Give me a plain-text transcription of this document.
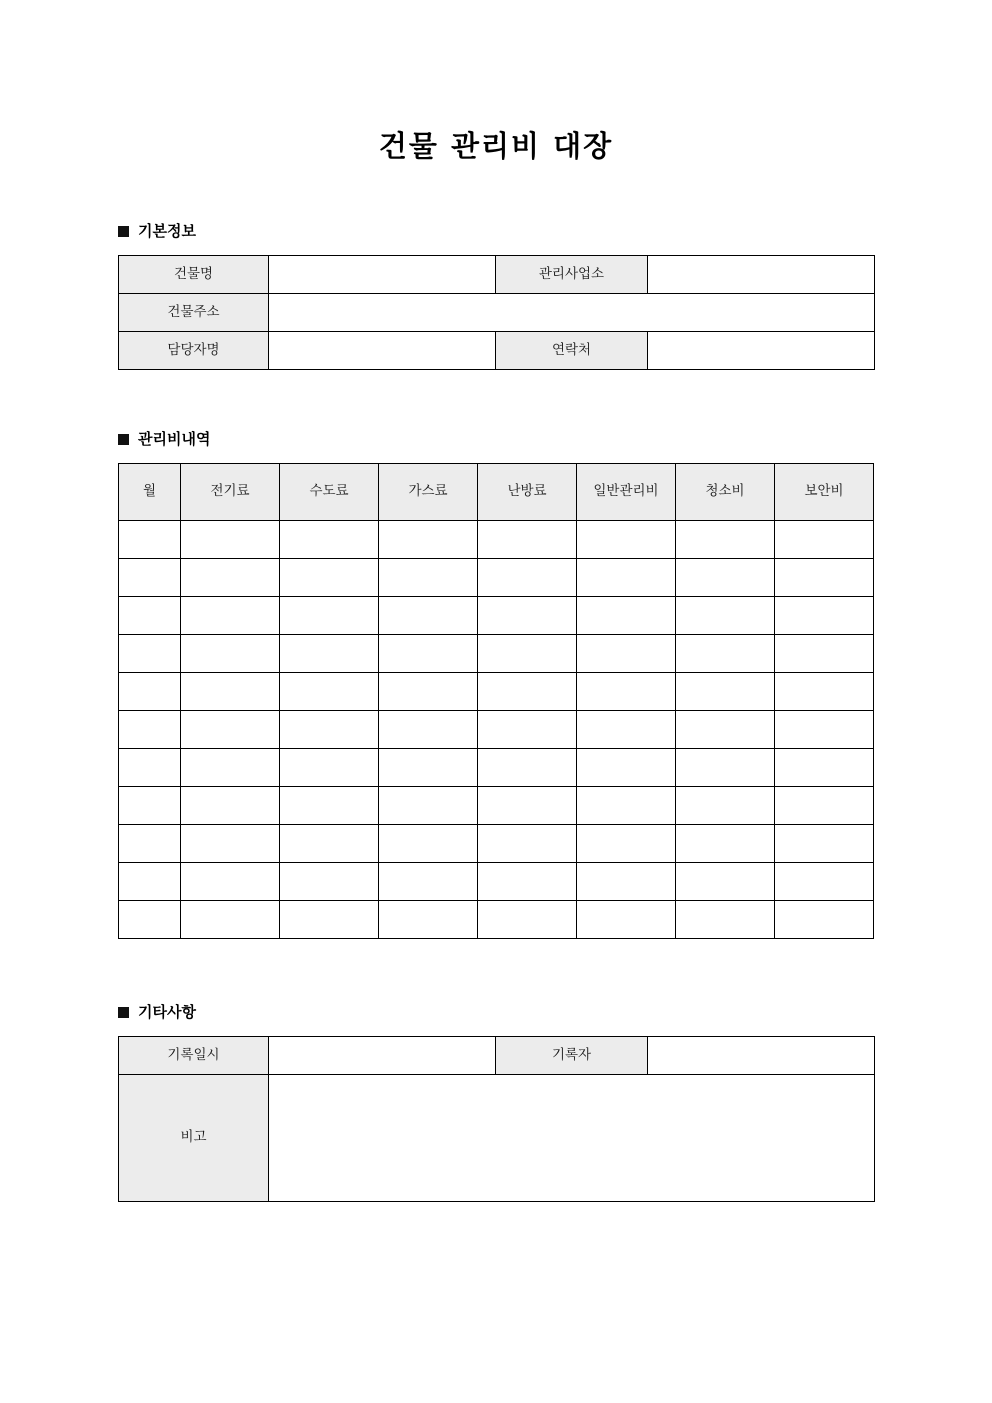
건물 관리비 대장
기본정보
건물명		관리사업소	
건물주소			
담당자명		연락처	
관리비내역
월	전기료	수도료	가스료	난방료	일반관리비	청소비	보안비

기타사항
기록일시		기록자	
비고			
